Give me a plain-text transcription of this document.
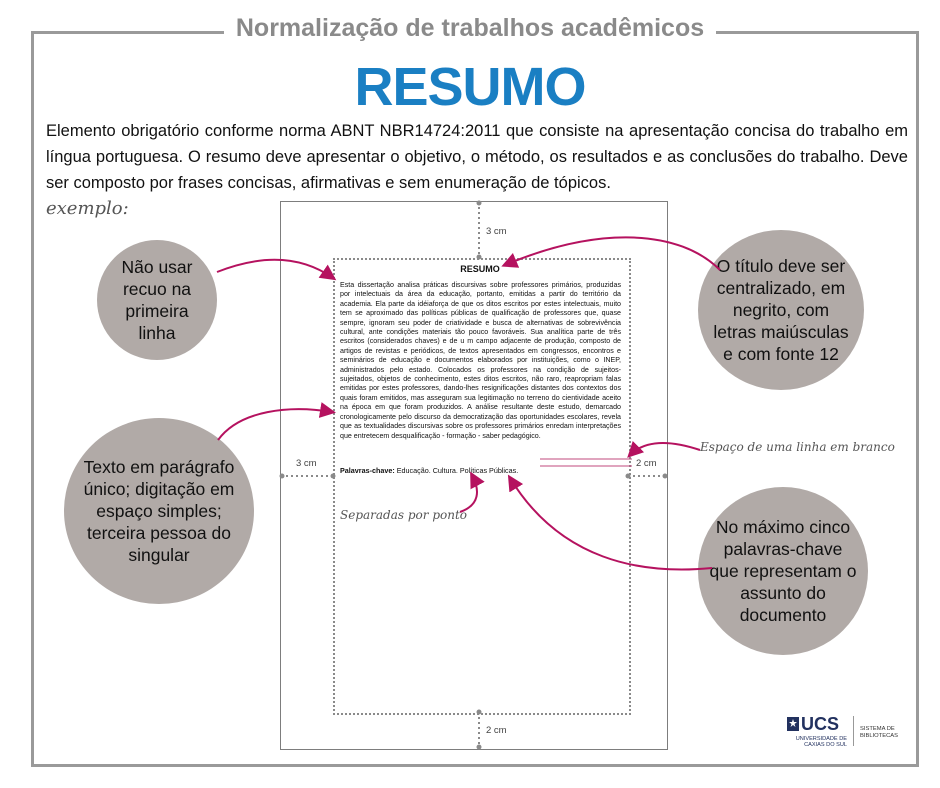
Normalização de trabalhos acadêmicos
RESUMO
Elemento obrigatório conforme norma ABNT NBR14724:2011 que consiste na apresentação concisa do trabalho em língua portuguesa. O resumo deve apresentar o objetivo, o método, os resultados e as conclusões do trabalho. Deve ser composto por frases concisas, afirmativas e sem enumeração de tópicos.
exemplo:
RESUMO
Esta dissertação analisa práticas discursivas sobre professores primários, produzidas por intelectuais da área da educação, portanto, emitidas a partir do território da academia. Ela parte da idéiaforça de que os ditos escritos por estes intelectuais, muito tem se aproximado das políticas públicas de qualificação de professores que, quase sempre, ignoram seu poder de criatividade e busca de alternativas de sobrevivência cultural, ante condições materiais tão pouco favoráveis. Sua analítica parte de três escritos (considerados chaves) e de u m campo adjacente de produção, composto de artigos de revistas e periódicos, de textos apresentados em congressos, encontros e seminários de educação e documentos elaborados por instituições, como o INEP, administrados pelo estado. Colocados os professores na condição de sujeitos-sujeitados, objetos de conhecimento, estes ditos escritos, não raro, reapropriam falas emitidas por estes professores, dando-lhes resignificações distantes dos contextos dos quais foram emitidos, mas asseguram sua legitimação no terreno do cientividade aceito na época em que foram produzidos. A análise resultante deste estudo, demarcado cronologicamente pelo discurso da democratização das oportunidades escolares, revela que as textualidades discursivas sobre os professores primários enredam interpretações que entretecem desqualificação - formação - saber pedagógico.
Palavras-chave: Educação. Cultura. Políticas Públicas.
3 cm
3 cm	2 cm
2 cm
Não usar recuo na primeira linha
O título deve ser centralizado, em negrito, com letras maiúsculas e com fonte 12
Texto em parágrafo único; digitação em espaço simples; terceira pessoa do singular
No máximo cinco palavras-chave que representam o assunto do documento
Espaço de uma linha em branco
Separadas por ponto
UCS
UNIVERSIDADE DE CAXIAS DO SUL
SISTEMA DE
BIBLIOTECAS
